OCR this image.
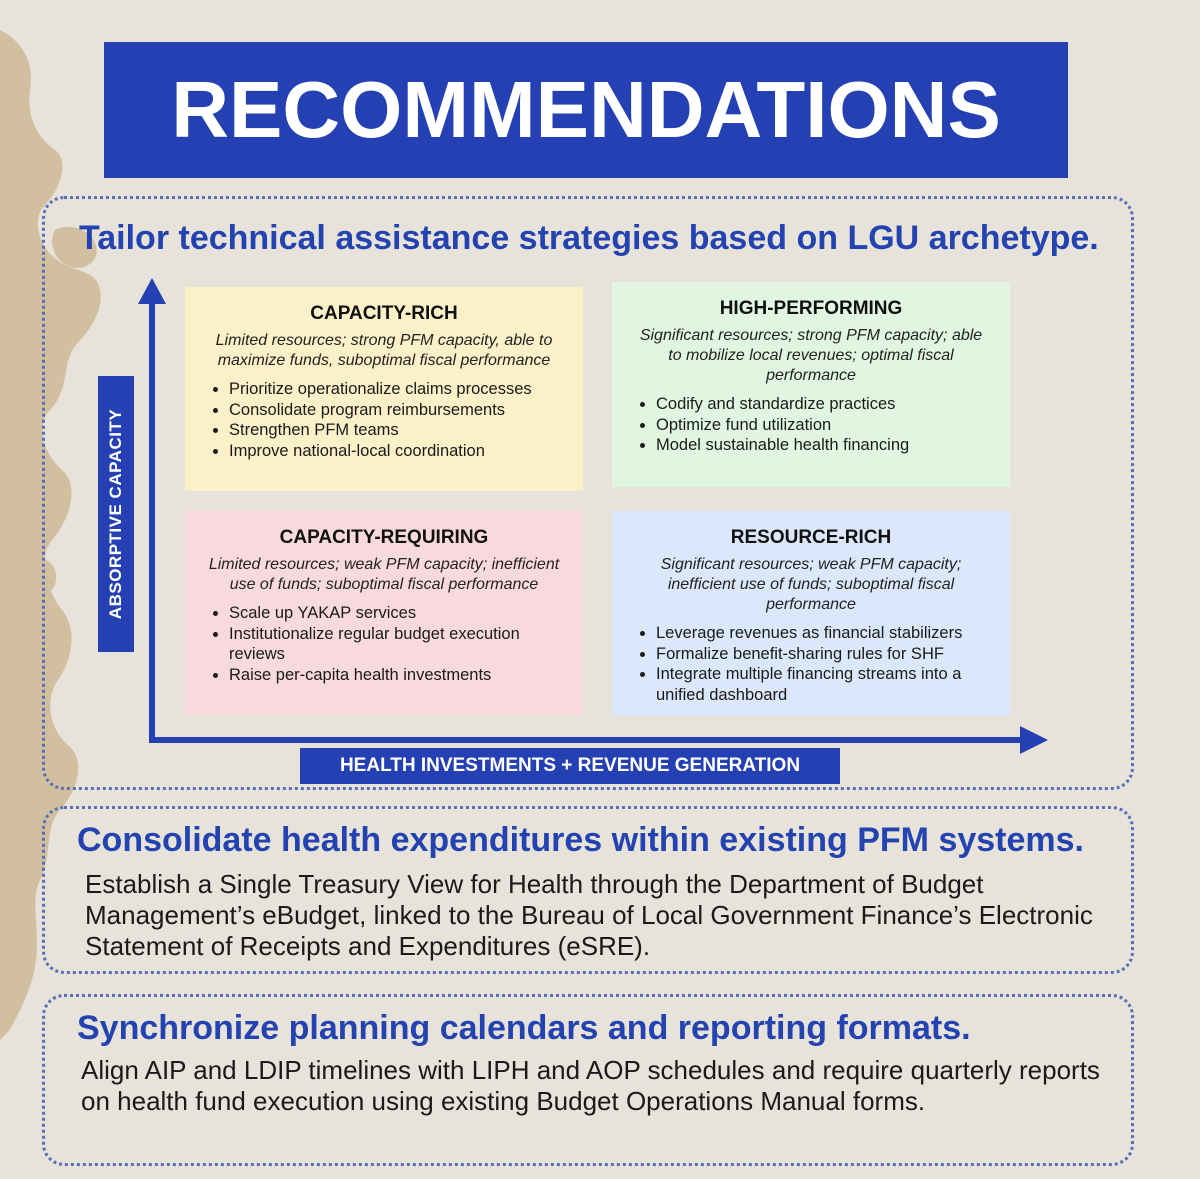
RECOMMENDATIONS
Tailor technical assistance strategies based on LGU archetype.
CAPACITY-RICH
Limited resources; strong PFM capacity, able to maximize funds, suboptimal fiscal performance
• Prioritize operationalize claims processes
• Consolidate program reimbursements
• Strengthen PFM teams
• Improve national-local coordination
HIGH-PERFORMING
Significant resources; strong PFM capacity; able to mobilize local revenues; optimal fiscal performance
• Codify and standardize practices
• Optimize fund utilization
• Model sustainable health financing
CAPACITY-REQUIRING
Limited resources; weak PFM capacity; inefficient use of funds; suboptimal fiscal performance
• Scale up YAKAP services
• Institutionalize regular budget execution reviews
• Raise per-capita health investments
RESOURCE-RICH
Significant resources; weak PFM capacity; inefficient use of funds; suboptimal fiscal performance
• Leverage revenues as financial stabilizers
• Formalize benefit-sharing rules for SHF
• Integrate multiple financing streams into a unified dashboard
ABSORPTIVE CAPACITY
HEALTH INVESTMENTS + REVENUE GENERATION
Consolidate health expenditures within existing PFM systems.
Establish a Single Treasury View for Health through the Department of Budget Management’s eBudget, linked to the Bureau of Local Government Finance’s Electronic Statement of Receipts and Expenditures (eSRE).
Synchronize planning calendars and reporting formats.
Align AIP and LDIP timelines with LIPH and AOP schedules and require quarterly reports on health fund execution using existing Budget Operations Manual forms.
